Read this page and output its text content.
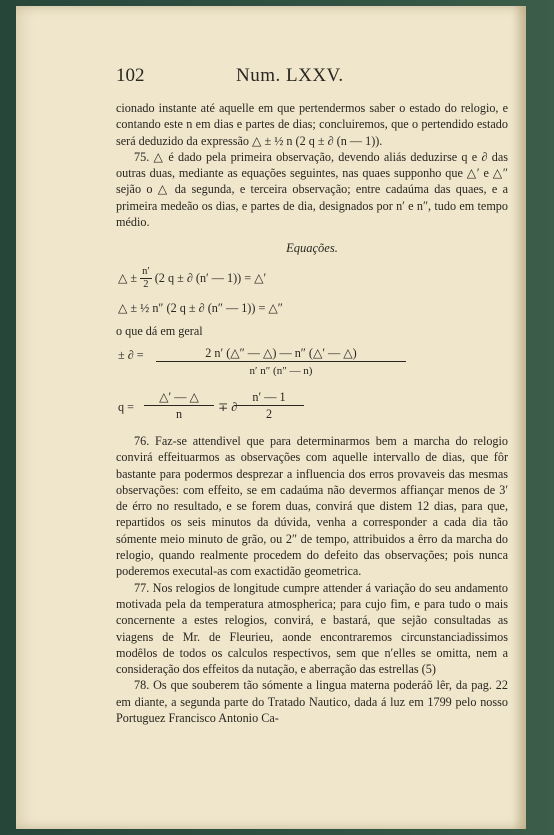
102	Num. LXXV.

cionado instante até aquelle em que pertendermos saber o estado do relogio, e contando este n em dias e partes de dias; concluiremos, que o pertendido estado será deduzido da expressão △ ± ½ n (2 q ± ∂ (n — 1)).

75. △ é dado pela primeira observação, devendo aliás deduzirse q e ∂ das outras duas, mediante as equações seguintes, nas quaes supponho que △′ e △″ sejão o △ da segunda, e terceira observação; entre cadaúma das quaes, e a primeira medeão os dias, e partes de dia, designados por n′ e n″, tudo em tempo médio.

Equações.
△ ± $\frac{n'}{2} (2$ q ± ∂ (n′ — 1)) = △′
△ ± ½ n″ (2 q ± ∂ (n″ — 1)) = △″

o que dá em geral

± ∂ =	2 n′ (△″ — △) — n″ (△′ — △)
n′ n″ (n″ — n)
q =
△′ — △
n	∓ ∂
$\frac{n' — 1}{2}$

76. Faz-se attendivel que para determinarmos bem a marcha do relogio convirá effeituarmos as observações com aquelle intervallo de dias, que fôr bastante para podermos desprezar a influencia dos erros provaveis das mesmas observações: com effeito, se em cadaúma não devermos affiançar menos de 3′ de érro no resultado, e se forem duas, convirá que distem 12 dias, para que, repartidos os seis minutos da dúvida, venha a corresponder a cada dia tão sómente meio minuto de grão, ou 2″ de tempo, attribuidos a êrro da marcha do relogio, quando realmente procedem do defeito das observações; pois nunca poderemos executal-as com exactidão geometrica.

77. Nos relogios de longitude cumpre attender á variação do seu andamento motivada pela da temperatura atmospherica; para cujo fim, e para tudo o mais concernente a estes relogios, convirá, e bastará, que sejão consultadas as viagens de Mr. de Fleurieu, aonde encontraremos circunstanciadissimos modêlos de todos os calculos respectivos, sem que n′elles se omitta, nem a consideração dos effeitos da nutação, e aberração das estrellas (5)

78. Os que souberem tão sómente a lingua materna poderáõ lêr, da pag. 22 em diante, a segunda parte do Tratado Nautico, dada á luz em 1799 pelo nosso Portuguez Francisco Antonio Ca-
